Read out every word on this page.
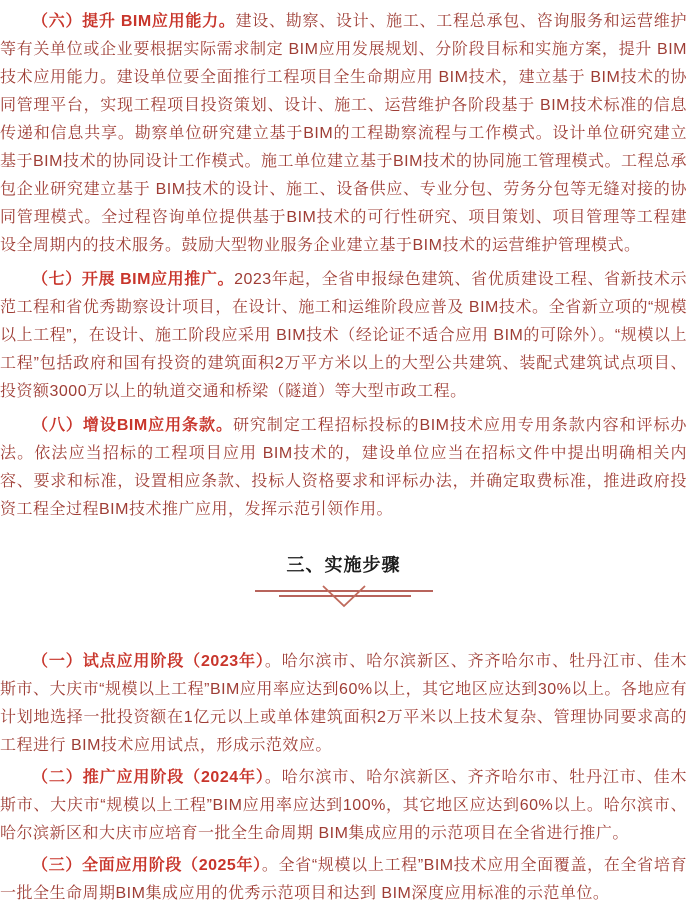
（六）提升 BIM应用能力。建设、勘察、设计、施工、工程总承包、咨询服务和运营维护等有关单位或企业要根据实际需求制定 BIM应用发展规划、分阶段目标和实施方案，提升 BIM技术应用能力。建设单位要全面推行工程项目全生命期应用 BIM技术，建立基于 BIM技术的协同管理平台，实现工程项目投资策划、设计、施工、运营维护各阶段基于 BIM技术标准的信息传递和信息共享。勘察单位研究建立基于BIM的工程勘察流程与工作模式。设计单位研究建立基于BIM技术的协同设计工作模式。施工单位建立基于BIM技术的协同施工管理模式。工程总承包企业研究建立基于 BIM技术的设计、施工、设备供应、专业分包、劳务分包等无缝对接的协同管理模式。全过程咨询单位提供基于BIM技术的可行性研究、项目策划、项目管理等工程建设全周期内的技术服务。鼓励大型物业服务企业建立基于BIM技术的运营维护管理模式。

（七）开展 BIM应用推广。2023年起，全省申报绿色建筑、省优质建设工程、省新技术示范工程和省优秀勘察设计项目，在设计、施工和运维阶段应普及 BIM技术。全省新立项的“规模以上工程”，在设计、施工阶段应采用 BIM技术（经论证不适合应用 BIM的可除外）。“规模以上工程”包括政府和国有投资的建筑面积2万平方米以上的大型公共建筑、装配式建筑试点项目、投资额3000万以上的轨道交通和桥梁（隧道）等大型市政工程。

（八）增设BIM应用条款。研究制定工程招标投标的BIM技术应用专用条款内容和评标办法。依法应当招标的工程项目应用 BIM技术的，建设单位应当在招标文件中提出明确相关内容、要求和标准，设置相应条款、投标人资格要求和评标办法，并确定取费标准，推进政府投资工程全过程BIM技术推广应用，发挥示范引领作用。

三、实施步骤

（一）试点应用阶段（2023年）。哈尔滨市、哈尔滨新区、齐齐哈尔市、牡丹江市、佳木斯市、大庆市“规模以上工程”BIM应用率应达到60%以上，其它地区应达到30%以上。各地应有计划地选择一批投资额在1亿元以上或单体建筑面积2万平米以上技术复杂、管理协同要求高的工程进行 BIM技术应用试点，形成示范效应。

（二）推广应用阶段（2024年）。哈尔滨市、哈尔滨新区、齐齐哈尔市、牡丹江市、佳木斯市、大庆市“规模以上工程”BIM应用率应达到100%，其它地区应达到60%以上。哈尔滨市、哈尔滨新区和大庆市应培育一批全生命周期 BIM集成应用的示范项目在全省进行推广。

（三）全面应用阶段（2025年）。全省“规模以上工程”BIM技术应用全面覆盖，在全省培育一批全生命周期BIM集成应用的优秀示范项目和达到 BIM深度应用标准的示范单位。
